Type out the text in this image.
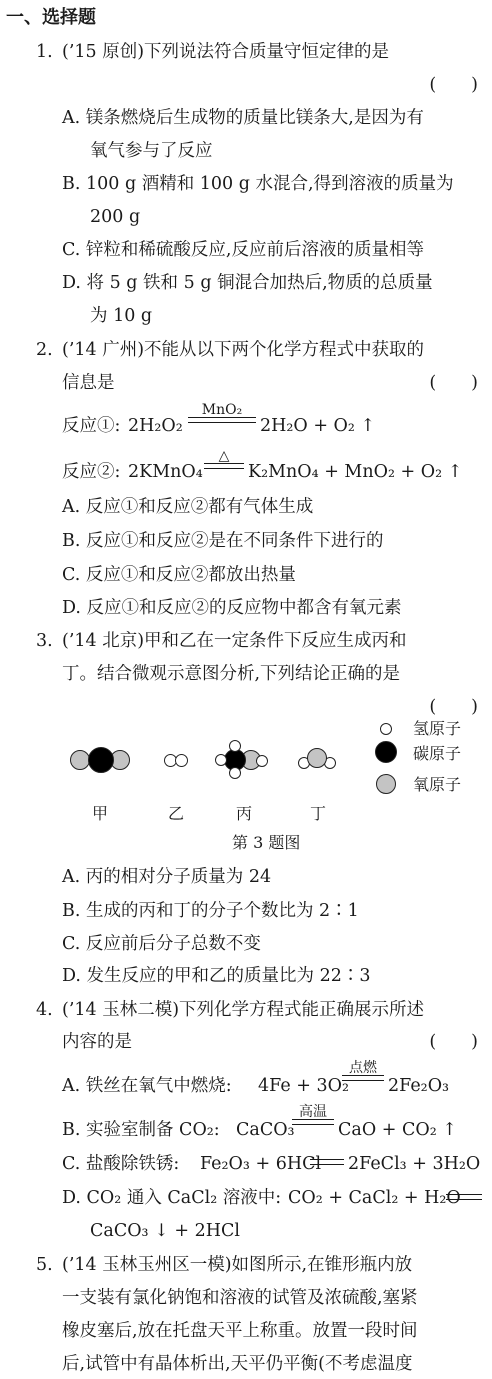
一、选择题
1. (’15 原创)下列说法符合质量守恒定律的是
(　　)
A. 镁条燃烧后生成物的质量比镁条大,是因为有
氧气参与了反应
B. 100 g 酒精和 100 g 水混合,得到溶液的质量为
200 g
C. 锌粒和稀硫酸反应,反应前后溶液的质量相等
D. 将 5 g 铁和 5 g 铜混合加热后,物质的总质量
为 10 g
2. (’14 广州)不能从以下两个化学方程式中获取的
信息是	(　　)
反应①: 2H₂O₂
MnO₂
2H₂O + O₂ ↑
反应②: 2KMnO₄
△
K₂MnO₄ + MnO₂ + O₂ ↑
A. 反应①和反应②都有气体生成
B. 反应①和反应②是在不同条件下进行的
C. 反应①和反应②都放出热量
D. 反应①和反应②的反应物中都含有氧元素
3. (’14 北京)甲和乙在一定条件下反应生成丙和
丁。结合微观示意图分析,下列结论正确的是
(　　)
甲	乙	丙	丁
氢原子
碳原子
氧原子
第 3 题图
A. 丙的相对分子质量为 24
B. 生成的丙和丁的分子个数比为 2∶1
C. 反应前后分子总数不变
D. 发生反应的甲和乙的质量比为 22∶3
4. (’14 玉林二模)下列化学方程式能正确展示所述
内容的是	(　　)
A. 铁丝在氧气中燃烧: 4Fe + 3O₂
点燃
2Fe₂O₃
B. 实验室制备 CO₂: CaCO₃
高温
CaO + CO₂ ↑
C. 盐酸除铁锈: Fe₂O₃ + 6HCl 2FeCl₃ + 3H₂O
D. CO₂ 通入 CaCl₂ 溶液中: CO₂ + CaCl₂ + H₂O
CaCO₃ ↓ + 2HCl
5. (’14 玉林玉州区一模)如图所示,在锥形瓶内放
一支装有氯化钠饱和溶液的试管及浓硫酸,塞紧
橡皮塞后,放在托盘天平上称重。放置一段时间
后,试管中有晶体析出,天平仍平衡(不考虑温度
